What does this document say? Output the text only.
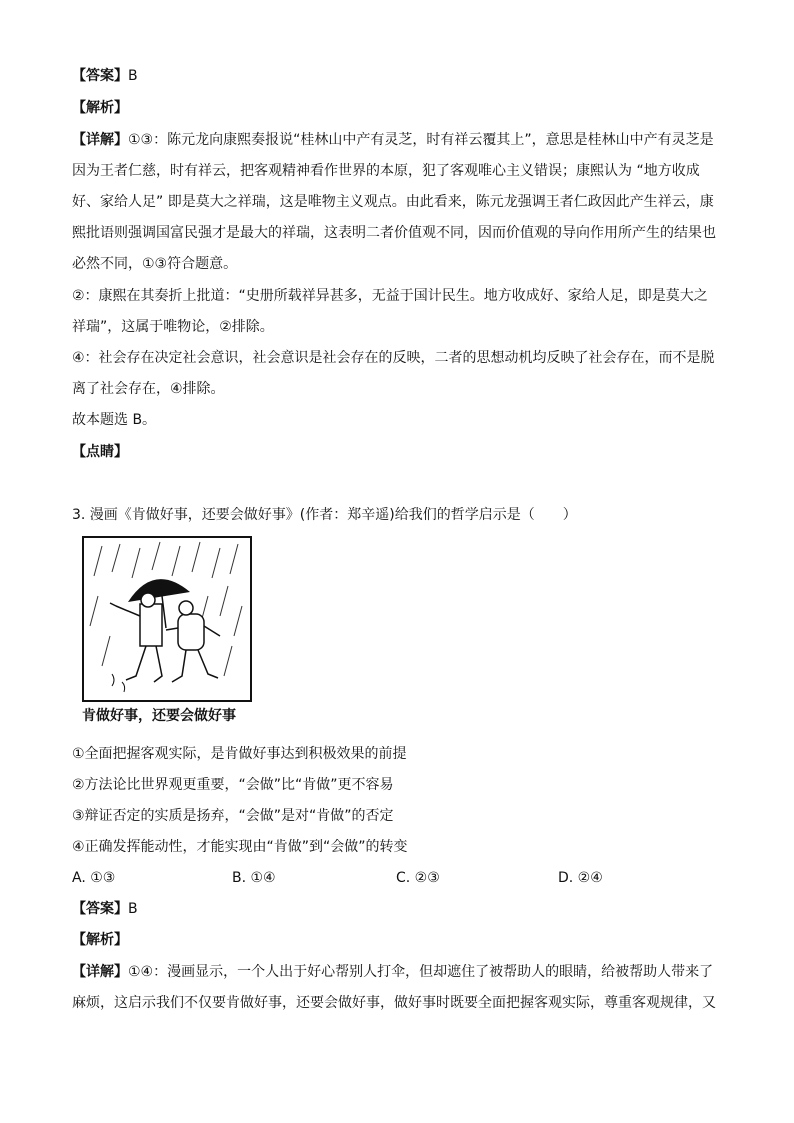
【答案】B
【解析】
【详解】①③：陈元龙向康熙奏报说“桂林山中产有灵芝，时有祥云覆其上”，意思是桂林山中产有灵芝是
因为王者仁慈，时有祥云，把客观精神看作世界的本原，犯了客观唯心主义错误；康熙认为 “地方收成
好、家给人足” 即是莫大之祥瑞，这是唯物主义观点。由此看来，陈元龙强调王者仁政因此产生祥云，康
熙批语则强调国富民强才是最大的祥瑞，这表明二者价值观不同，因而价值观的导向作用所产生的结果也
必然不同，①③符合题意。
②：康熙在其奏折上批道：“史册所载祥异甚多，无益于国计民生。地方收成好、家给人足，即是莫大之
祥瑞”，这属于唯物论，②排除。
④：社会存在决定社会意识，社会意识是社会存在的反映，二者的思想动机均反映了社会存在，而不是脱
离了社会存在，④排除。
故本题选 B。
【点睛】
3. 漫画《肯做好事，还要会做好事》(作者：郑辛遥)给我们的哲学启示是（　　）
肯做好事，还要会做好事
①全面把握客观实际，是肯做好事达到积极效果的前提
②方法论比世界观更重要，“会做”比“肯做”更不容易
③辩证否定的实质是扬弃，“会做”是对“肯做”的否定
④正确发挥能动性，才能实现由“肯做”到“会做”的转变
A. ①③	B. ①④	C. ②③	D. ②④
【答案】B
【解析】
【详解】①④：漫画显示，一个人出于好心帮别人打伞，但却遮住了被帮助人的眼睛，给被帮助人带来了
麻烦，这启示我们不仅要肯做好事，还要会做好事，做好事时既要全面把握客观实际，尊重客观规律，又
